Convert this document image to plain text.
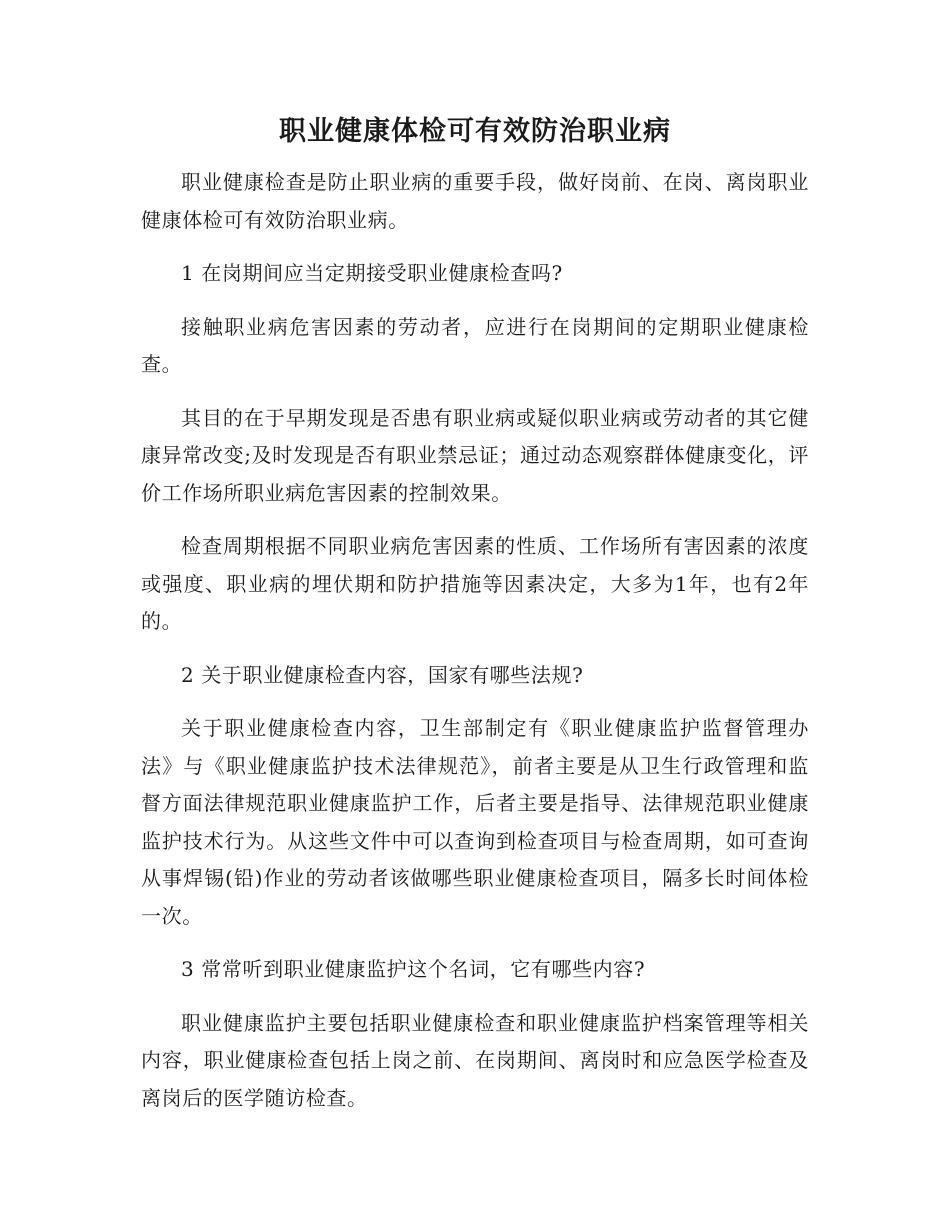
职业健康体检可有效防治职业病

职业健康检查是防止职业病的重要手段，做好岗前、在岗、离岗职业健康体检可有效防治职业病。

1 在岗期间应当定期接受职业健康检查吗?

接触职业病危害因素的劳动者，应进行在岗期间的定期职业健康检查。

其目的在于早期发现是否患有职业病或疑似职业病或劳动者的其它健康异常改变;及时发现是否有职业禁忌证；通过动态观察群体健康变化，评价工作场所职业病危害因素的控制效果。

检查周期根据不同职业病危害因素的性质、工作场所有害因素的浓度或强度、职业病的埋伏期和防护措施等因素决定，大多为1年，也有2年的。

2 关于职业健康检查内容，国家有哪些法规?

关于职业健康检查内容，卫生部制定有《职业健康监护监督管理办法》与《职业健康监护技术法律规范》，前者主要是从卫生行政管理和监督方面法律规范职业健康监护工作，后者主要是指导、法律规范职业健康监护技术行为。从这些文件中可以查询到检查项目与检查周期，如可查询从事焊锡(铅)作业的劳动者该做哪些职业健康检查项目，隔多长时间体检一次。

3 常常听到职业健康监护这个名词，它有哪些内容?

职业健康监护主要包括职业健康检查和职业健康监护档案管理等相关内容，职业健康检查包括上岗之前、在岗期间、离岗时和应急医学检查及离岗后的医学随访检查。
